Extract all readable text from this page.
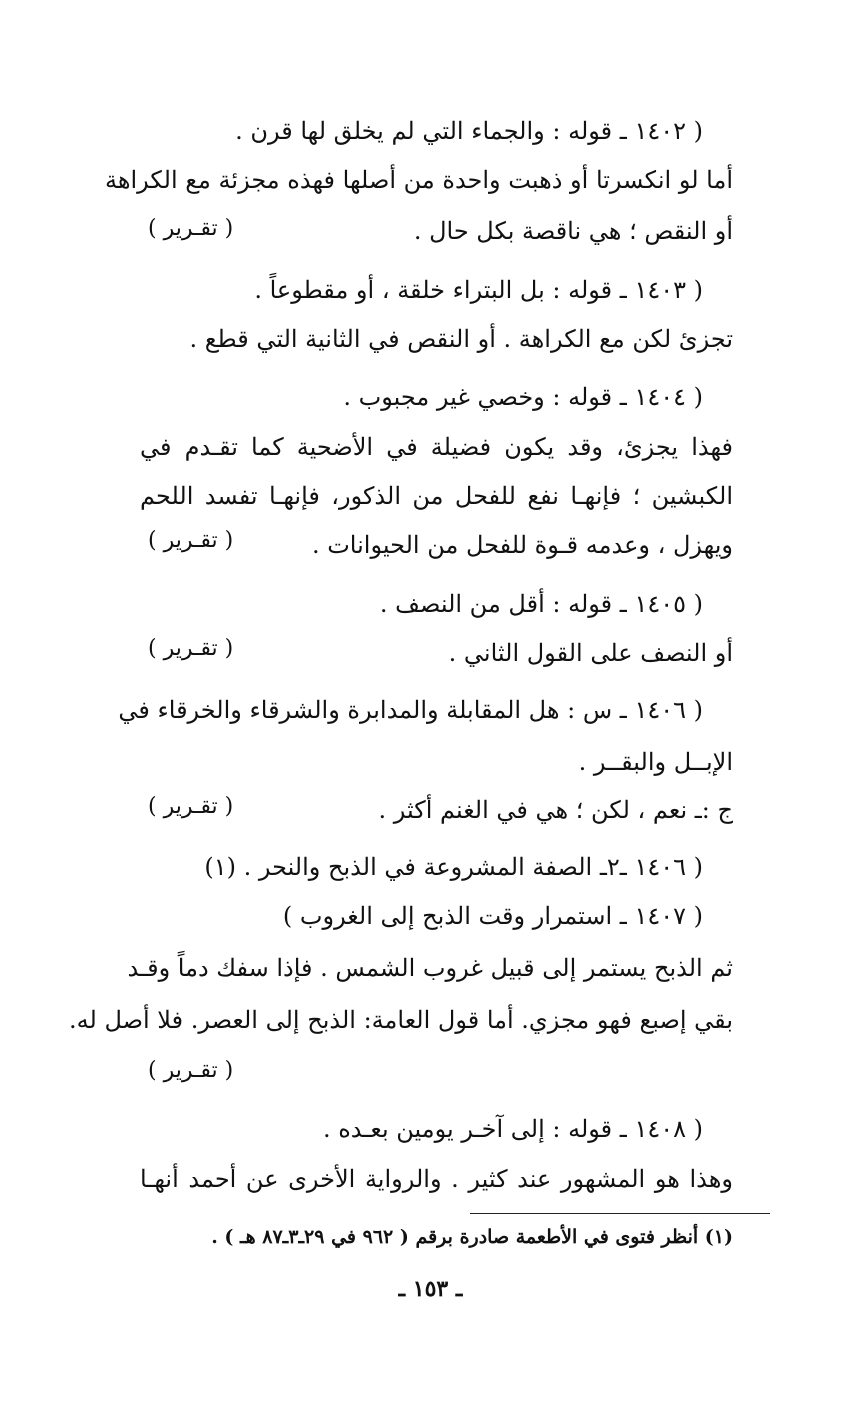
( ١٤٠٢ ـ قوله : والجماء التي لم يخلق لها قرن .
أما لو انكسرتا أو ذهبت واحدة من أصلها فهذه مجزئة مع الكراهة
أو النقص ؛ هي ناقصة بكل حال .
( تقـرير )
( ١٤٠٣ ـ قوله : بل البتراء خلقة ، أو مقطوعاً .
تجزئ لكن مع الكراهة . أو النقص في الثانية التي قطع .
( ١٤٠٤ ـ قوله : وخصي غير مجبوب .
فهذا يجزئ، وقد يكون فضيلة في الأضحية كما تقـدم في
الكبشين ؛ فإنهـا نفع للفحل من الذكور، فإنهـا تفسد اللحم
ويهزل ، وعدمه قـوة للفحل من الحيوانات .
( تقـرير )
( ١٤٠٥ ـ قوله : أقل من النصف .
أو النصف على القول الثاني .
( تقـرير )
( ١٤٠٦ ـ س : هل المقابلة والمدابرة والشرقاء والخرقاء في
الإبــل والبقــر .
ج :ـ نعم ، لكن ؛ هي في الغنم أكثر .
( تقـرير )
( ١٤٠٦ ـ٢ـ الصفة المشروعة في الذبح والنحر . (١)
( ١٤٠٧ ـ استمرار وقت الذبح إلى الغروب )
ثم الذبح يستمر إلى قبيل غروب الشمس . فإذا سفك دماً وقـد
بقي إصبع فهو مجزي. أما قول العامة: الذبح إلى العصر. فلا أصل له.
( تقـرير )
( ١٤٠٨ ـ قوله : إلى آخـر يومين بعـده .
وهذا هو المشهور عند كثير . والرواية الأخرى عن أحمد أنهـا
(١) أنظر فتوى في الأطعمة صادرة برقم ( ٩٦٢ في ٢٩ـ٣ـ٨٧ هـ ) .
ـ ١٥٣ ـ
